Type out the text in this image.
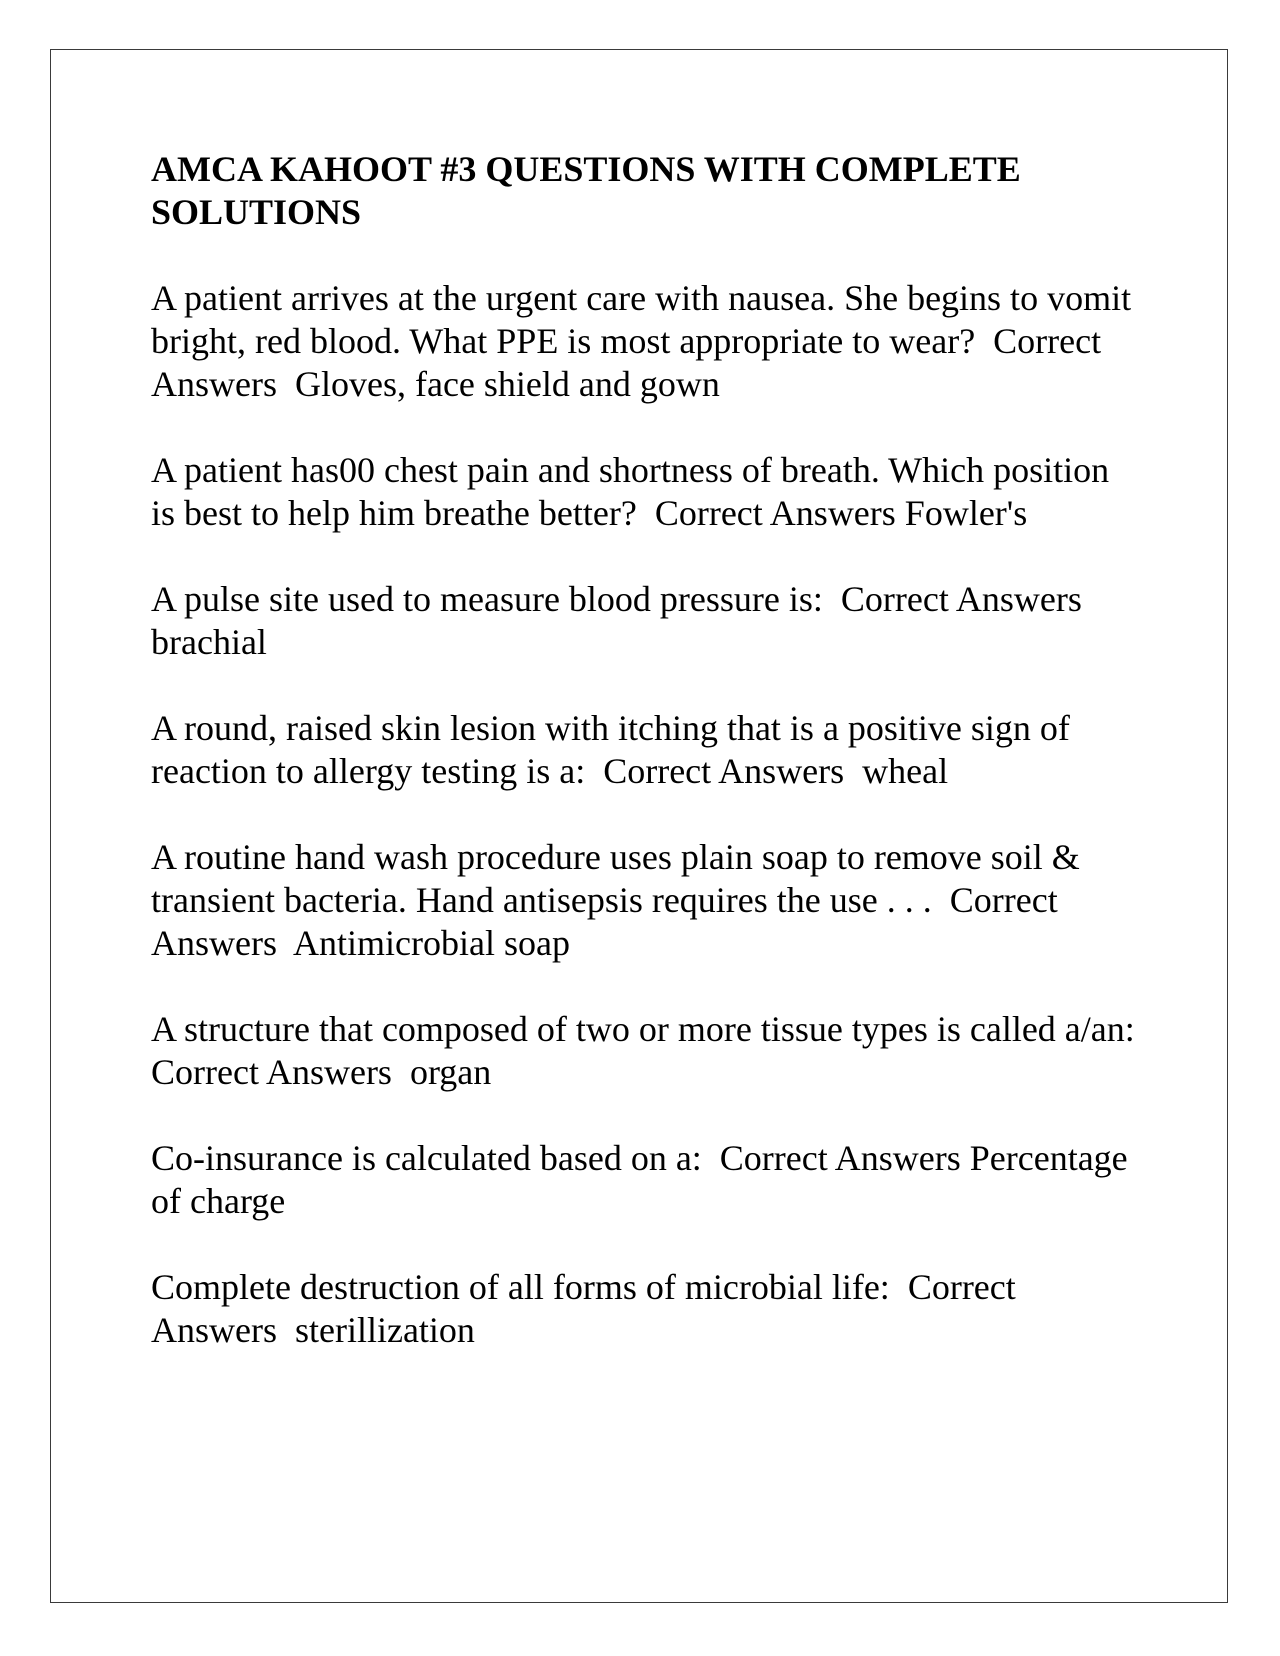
AMCA KAHOOT #3 QUESTIONS WITH COMPLETE SOLUTIONS

A patient arrives at the urgent care with nausea. She begins to vomit bright, red blood. What PPE is most appropriate to wear? Correct Answers Gloves, face shield and gown

A patient has00 chest pain and shortness of breath. Which position is best to help him breathe better? Correct Answers Fowler's

A pulse site used to measure blood pressure is: Correct Answers brachial

A round, raised skin lesion with itching that is a positive sign of reaction to allergy testing is a: Correct Answers wheal

A routine hand wash procedure uses plain soap to remove soil & transient bacteria. Hand antisepsis requires the use . . . Correct Answers Antimicrobial soap

A structure that composed of two or more tissue types is called a/an:  Correct Answers organ

Co-insurance is calculated based on a: Correct Answers Percentage of charge

Complete destruction of all forms of microbial life: Correct Answers sterillization
